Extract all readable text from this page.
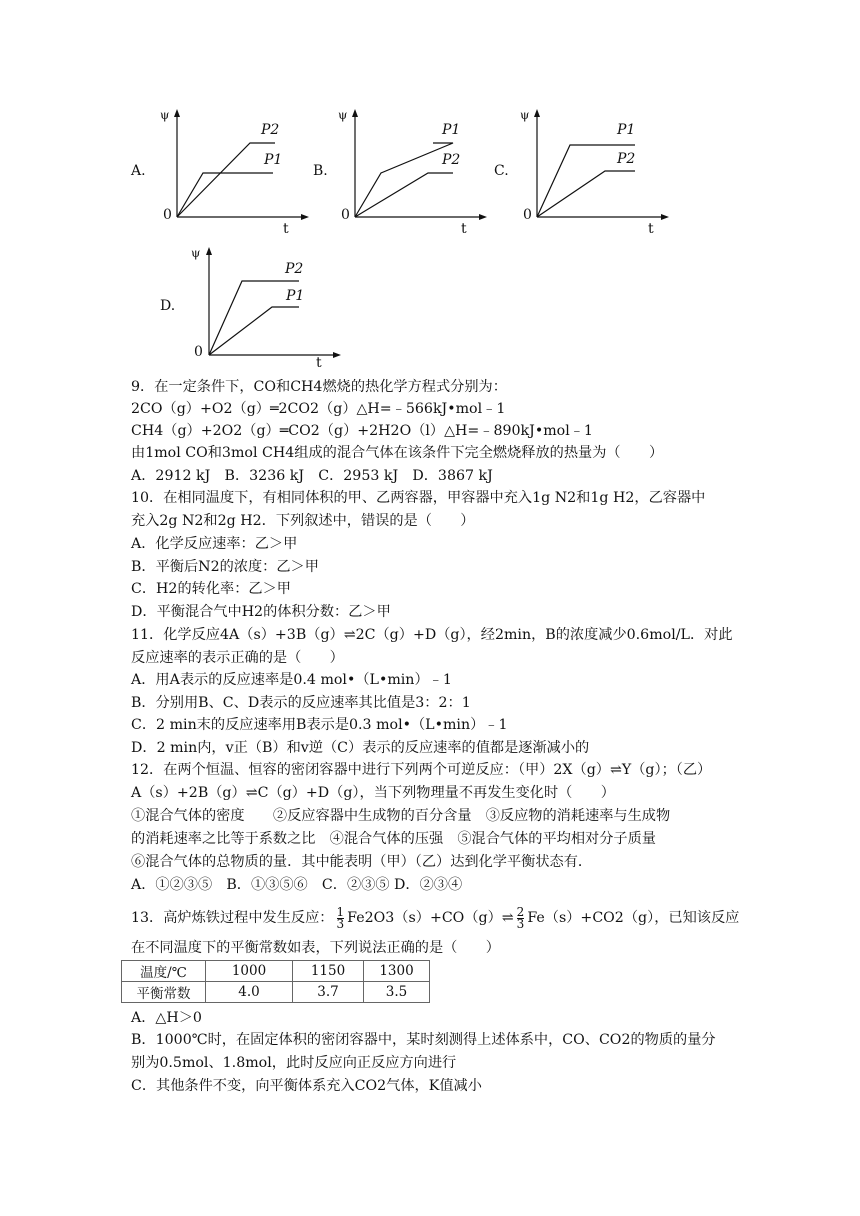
A.
ψ
0
t
P2
P1
B.
ψ
0
t
P1
P2
C.
ψ
0
t
P1
P2
D.
ψ
0
t
P2
P1
9．在一定条件下，CO和CH4燃烧的热化学方程式分别为：
2CO（g）+O2（g）═2CO2（g）△H=﹣566kJ•mol﹣1
CH4（g）+2O2（g）═CO2（g）+2H2O（l）△H=﹣890kJ•mol﹣1
由1mol CO和3mol CH4组成的混合气体在该条件下完全燃烧释放的热量为（　　）
A．2912 kJ　B．3236 kJ　C．2953 kJ　D．3867 kJ
10．在相同温度下，有相同体积的甲、乙两容器，甲容器中充入1g N2和1g H2，乙容器中
充入2g N2和2g H2．下列叙述中，错误的是（　　）
A．化学反应速率：乙＞甲
B．平衡后N2的浓度：乙＞甲
C．H2的转化率：乙＞甲
D．平衡混合气中H2的体积分数：乙＞甲
11．化学反应4A（s）+3B（g）⇌2C（g）+D（g），经2min，B的浓度减少0.6mol/L．对此
反应速率的表示正确的是（　　）
A．用A表示的反应速率是0.4 mol•（L•min）﹣1
B．分别用B、C、D表示的反应速率其比值是3：2：1
C．2 min末的反应速率用B表示是0.3 mol•（L•min）﹣1
D．2 min内，v正（B）和v逆（C）表示的反应速率的值都是逐渐减小的
12．在两个恒温、恒容的密闭容器中进行下列两个可逆反应：（甲）2X（g）⇌Y（g）；（乙）
A（s）+2B（g）⇌C（g）+D（g），当下列物理量不再发生变化时（　　）
①混合气体的密度　　②反应容器中生成物的百分含量　③反应物的消耗速率与生成物
的消耗速率之比等于系数之比　④混合气体的压强　⑤混合气体的平均相对分子质量
⑥混合气体的总物质的量．其中能表明（甲）（乙）达到化学平衡状态有．
A．①②③⑤　B．①③⑤⑥　C．②③⑤ D．②③④
13．高炉炼铁过程中发生反应： $\frac{1}{3}$ Fe2O3（s）+CO（g）⇌ $\frac{2}{3} Fe(s)+CO2(g)$，已知该反应
在不同温度下的平衡常数如表，下列说法正确的是（　　）
温度/℃	1000	1150	1300
平衡常数	4.0	3.7	3.5
A．△H＞0
B．1000℃时，在固定体积的密闭容器中，某时刻测得上述体系中，CO、CO2的物质的量分
别为0.5mol、1.8mol，此时反应向正反应方向进行
C．其他条件不变，向平衡体系充入CO2气体，K值减小
